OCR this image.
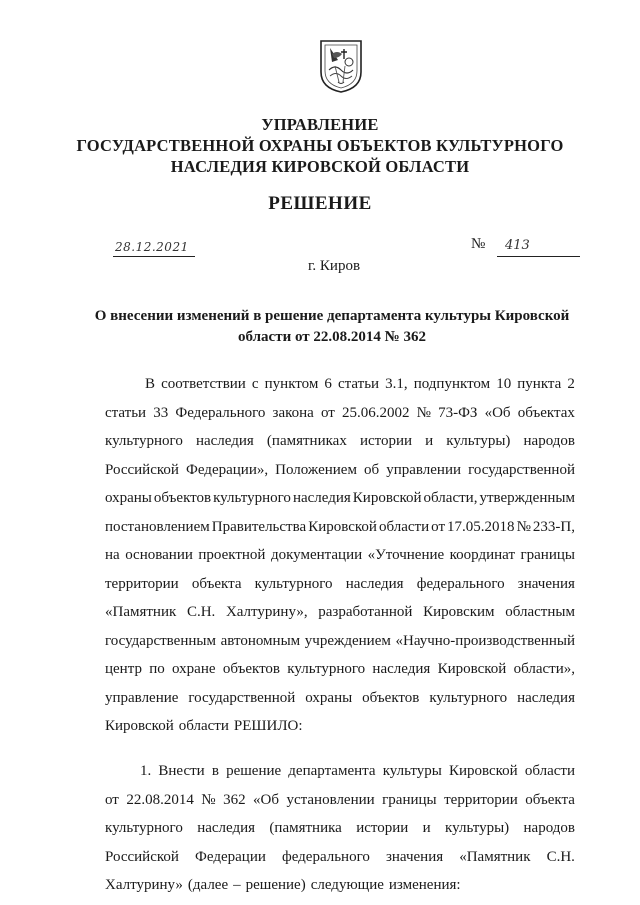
УПРАВЛЕНИЕ
ГОСУДАРСТВЕННОЙ ОХРАНЫ ОБЪЕКТОВ КУЛЬТУРНОГО
НАСЛЕДИЯ КИРОВСКОЙ ОБЛАСТИ
РЕШЕНИЕ
28.12.2021	№ 413
г. Киров
О внесении изменений в решение департамента культуры Кировской
области от 22.08.2014 № 362
В соответствии с пунктом 6 статьи 3.1, подпунктом 10 пункта 2
статьи 33 Федерального закона от 25.06.2002 № 73-ФЗ «Об объектах
культурного наследия (памятниках истории и культуры) народов
Российской Федерации», Положением об управлении государственной
охраны объектов культурного наследия Кировской области, утвержденным
постановлением Правительства Кировской области от 17.05.2018 № 233-П,
на основании проектной документации «Уточнение координат границы
территории объекта культурного наследия федерального значения
«Памятник С.Н. Халтурину», разработанной Кировским областным
государственным автономным учреждением «Научно-производственный
центр по охране объектов культурного наследия Кировской области»,
управление государственной охраны объектов культурного наследия
Кировской области РЕШИЛО:
1. Внести в решение департамента культуры Кировской области
от 22.08.2014 № 362 «Об установлении границы территории объекта
культурного наследия (памятника истории и культуры) народов
Российской Федерации федерального значения «Памятник С.Н.
Халтурину» (далее – решение) следующие изменения:
